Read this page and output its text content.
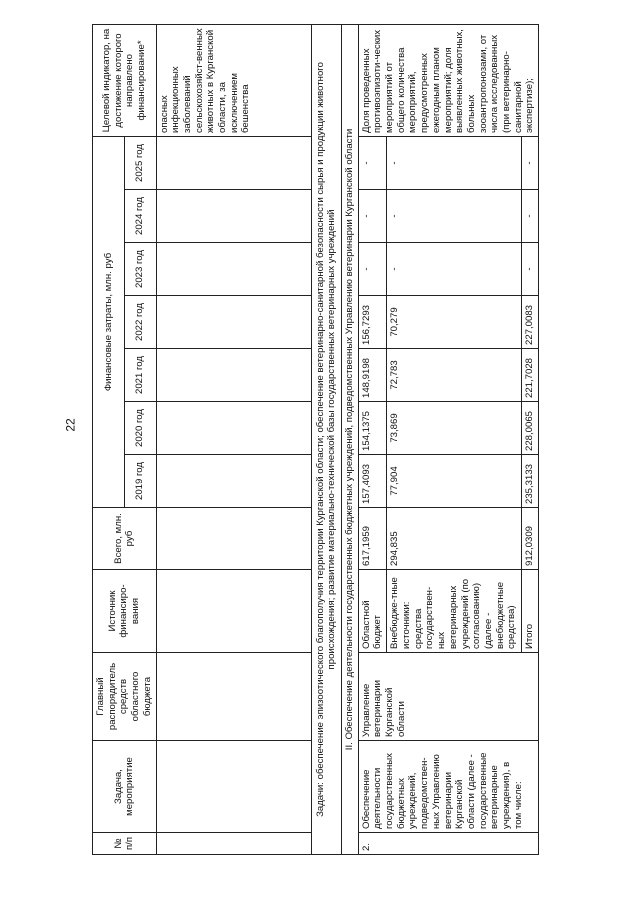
22
№ п/п	Задача, мероприятие	Главный распорядитель средств областного бюджета	Источник финансиро-вания	Всего, млн. руб	Финансовые затраты, млн. руб							Целевой индикатор, на достижение которого направлено финансирование*
					2019 год	2020 год	2021 год	2022 год	2023 год	2024 год	2025 год	
												опасных инфекционных заболеваний сельскохозяйст-венных животных в Курганской области, за исключением бешенства
Задачи: обеспечение эпизоотического благополучия территории Курганской области; обеспечение ветеринарно-санитарной безопасности сырья и продукции животного происхождения; развитие материально-технической базы государственных ветеринарных учреждений												
II. Обеспечение деятельности государственных бюджетных учреждений, подведомственных Управлению ветеринарии Курганской области												
2.	Обеспечение деятельности государственных бюджетных учреждений, подведомствен-ных Управлению ветеринарии Курганской области (далее - государственные ветеринарные учреждения), в том числе:	Управление ветеринарии Курганской области	Областной бюджет	617,1959	157,4093	154,1375	148,9198	156,7293	-	-	-	Доля проведенных противоэпизоти-ческих мероприятий от общего количества мероприятий, предусмотренных ежегодным планом мероприятий; доля выявленных животных, больных зооантропонозами, от числа исследованных (при ветеринарно-санитарной экспертизе);
			Внебюдже-тные источники: средства государствен-ных ветеринарных учреждений (по согласованию) (далее - внебюджетные средства)	294,835	77,904	73,869	72,783	70,279	-	-	-	
			Итого	912,0309	235,3133	228,0065	221,7028	227,0083	-	-	-	
